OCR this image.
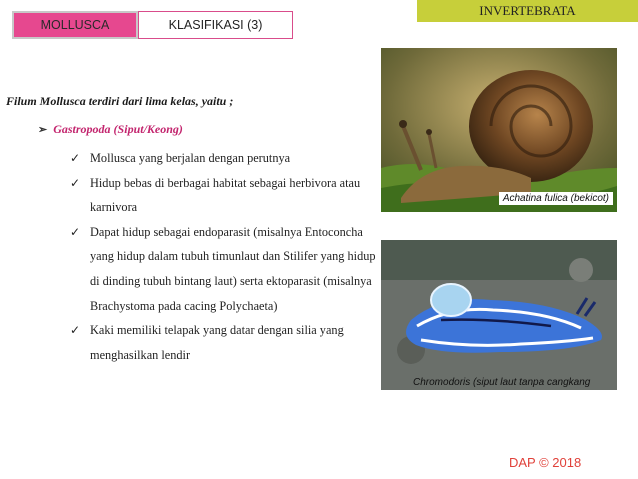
MOLLUSCA	KLASIFIKASI (3)
INVERTEBRATA
Filum Mollusca terdiri dari lima kelas, yaitu ;
➢ Gastropoda (Siput/Keong)
✓ Mollusca yang berjalan dengan perutnya
✓ Hidup bebas di berbagai habitat sebagai herbivora atau karnivora
✓ Dapat hidup sebagai endoparasit (misalnya Entoconcha yang hidup dalam tubuh timunlaut dan Stilifer yang hidup di dinding tubuh bintang laut) serta ektoparasit (misalnya Brachystoma pada cacing Polychaeta)
✓ Kaki memiliki telapak yang datar dengan silia yang menghasilkan lendir
Achatina fulica (bekicot)
Chromodoris (siput laut tanpa cangkang
DAP © 2018
